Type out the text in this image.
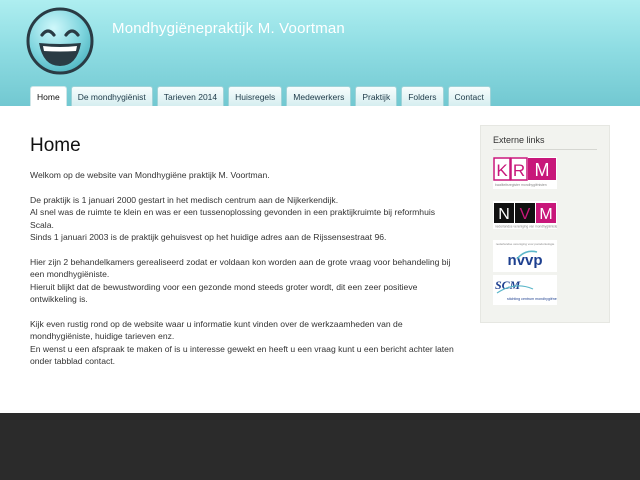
Mondhygiënepraktijk M. Voortman
Home	De mondhygiënist	Tarieven 2014	Huisregels	Medewerkers	Praktijk	Folders	Contact
Home

Welkom op de website van Mondhygiëne praktijk M. Voortman.

De praktijk is 1 januari 2000 gestart in het medisch centrum aan de Nijkerkendijk.
Al snel was de ruimte te klein en was er een tussenoplossing gevonden in een praktijkruimte bij reformhuis Scala.
Sinds 1 januari 2003 is de praktijk gehuisvest op het huidige adres aan de Rijssensestraat 96.

Hier zijn 2 behandelkamers gerealiseerd zodat er voldaan kon worden aan de grote vraag voor behandeling bij een mondhygiëniste.
Hieruit blijkt dat de bewustwording voor een gezonde mond steeds groter wordt, dit een zeer positieve ontwikkeling is.

Kijk even rustig rond op de website waar u informatie kunt vinden over de werkzaamheden van de mondhygiëniste, huidige tarieven enz.
En wenst u een afspraak te maken of is u interesse gewekt en heeft u een vraag kunt u een bericht achter laten onder tabblad contact.

Externe links
K R M
kwaliteitsregister mondhygiënisten
N V M
nederlandse vereniging van mondhygiënisten
nederlandse vereniging voor parodontologie
nvvp
SCM
stichting centrum mondhygiëne
